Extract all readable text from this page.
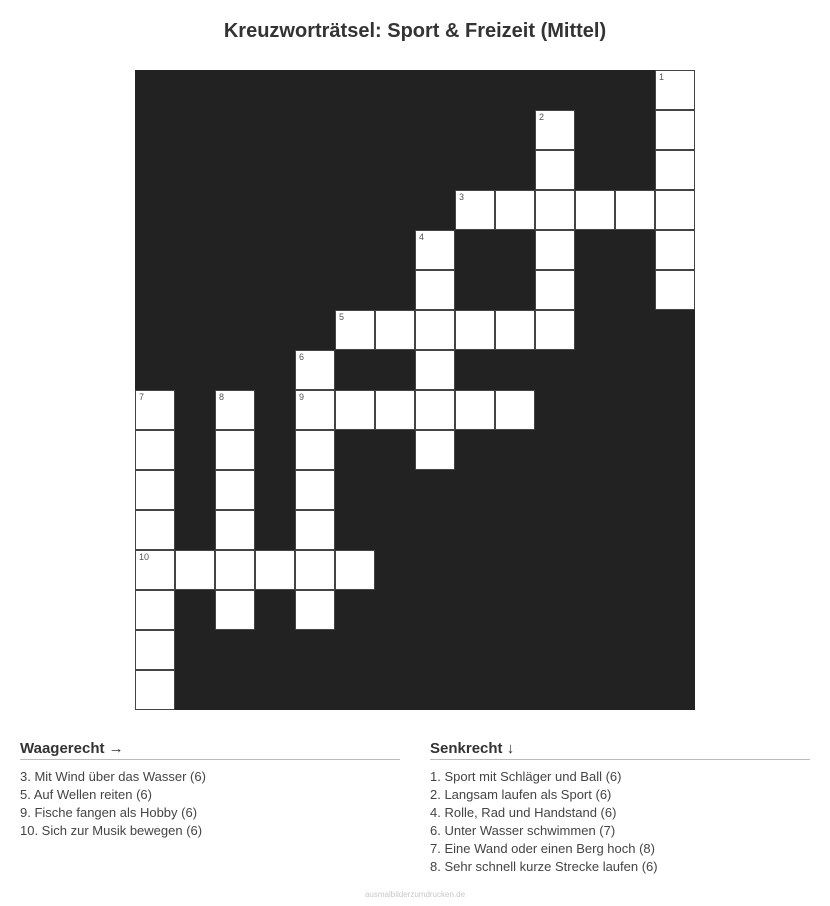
Kreuzworträtsel: Sport & Freizeit (Mittel)
1
2
3
4
5
6
7	8	9
10
Waagerecht →
3. Mit Wind über das Wasser (6)
5. Auf Wellen reiten (6)
9. Fische fangen als Hobby (6)
10. Sich zur Musik bewegen (6)
Senkrecht ↓
1. Sport mit Schläger und Ball (6)
2. Langsam laufen als Sport (6)
4. Rolle, Rad und Handstand (6)
6. Unter Wasser schwimmen (7)
7. Eine Wand oder einen Berg hoch (8)
8. Sehr schnell kurze Strecke laufen (6)
ausmalbilderzumdrucken.de
